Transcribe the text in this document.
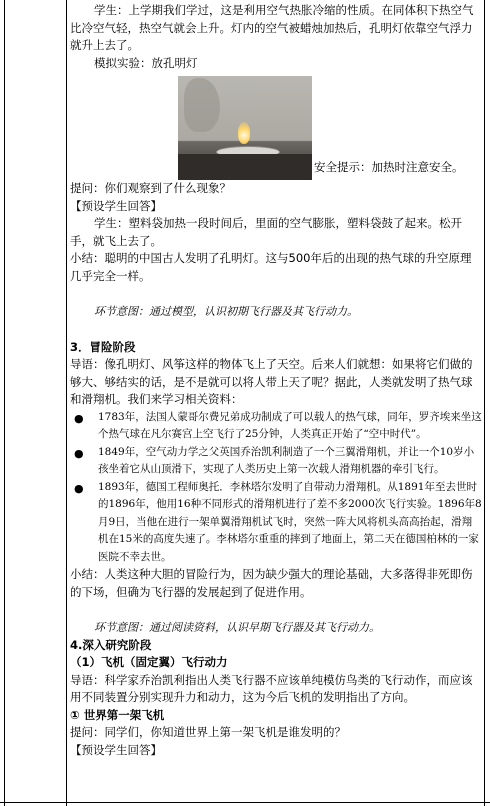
学生：上学期我们学过，这是利用空气热胀冷缩的性质。在同体积下热空气比冷空气轻，热空气就会上升。灯内的空气被蜡烛加热后，孔明灯依靠空气浮力就升上去了。

模拟实验：放孔明灯

安全提示：加热时注意安全。

提问：你们观察到了什么现象？

【预设学生回答】

学生：塑料袋加热一段时间后，里面的空气膨胀，塑料袋鼓了起来。松开手，就飞上去了。

小结：聪明的中国古人发明了孔明灯。这与500年后的出现的热气球的升空原理几乎完全一样。

环节意图：通过模型，认识初期飞行器及其飞行动力。

3．冒险阶段

导语：像孔明灯、风筝这样的物体飞上了天空。后来人们就想：如果将它们做的够大、够结实的话，是不是就可以将人带上天了呢？据此，人类就发明了热气球和滑翔机。我们来学习相关资料：

● 1783年，法国人蒙哥尔费兄弟成功制成了可以载人的热气球，同年，罗齐埃来坐这个热气球在凡尔赛宫上空飞行了25分钟，人类真正开始了“空中时代”。
● 1849年，空气动力学之父英国乔治凯利制造了一个三翼滑翔机，并让一个10岁小孩坐着它从山顶滑下，实现了人类历史上第一次载人滑翔机器的牵引飞行。
● 1893年，德国工程师奥托．李林塔尔发明了自带动力滑翔机。从1891年至去世时的1896年，他用16种不同形式的滑翔机进行了差不多2000次飞行实验。1896年8月9日，当他在进行一架单翼滑翔机试飞时，突然一阵大风将机头高高抬起，滑翔机在15米的高度失速了。李林塔尔重重的摔到了地面上，第二天在德国柏林的一家医院不幸去世。

小结：人类这种大胆的冒险行为，因为缺少强大的理论基础，大多落得非死即伤的下场，但确为飞行器的发展起到了促进作用。

环节意图：通过阅读资料，认识早期飞行器及其飞行动力。

4.深入研究阶段

（1）飞机（固定翼）飞行动力

导语：科学家乔治凯利指出人类飞行器不应该单纯模仿鸟类的飞行动作，而应该用不同装置分别实现升力和动力，这为今后飞机的发明指出了方向。

① 世界第一架飞机

提问：同学们，你知道世界上第一架飞机是谁发明的？

【预设学生回答】
